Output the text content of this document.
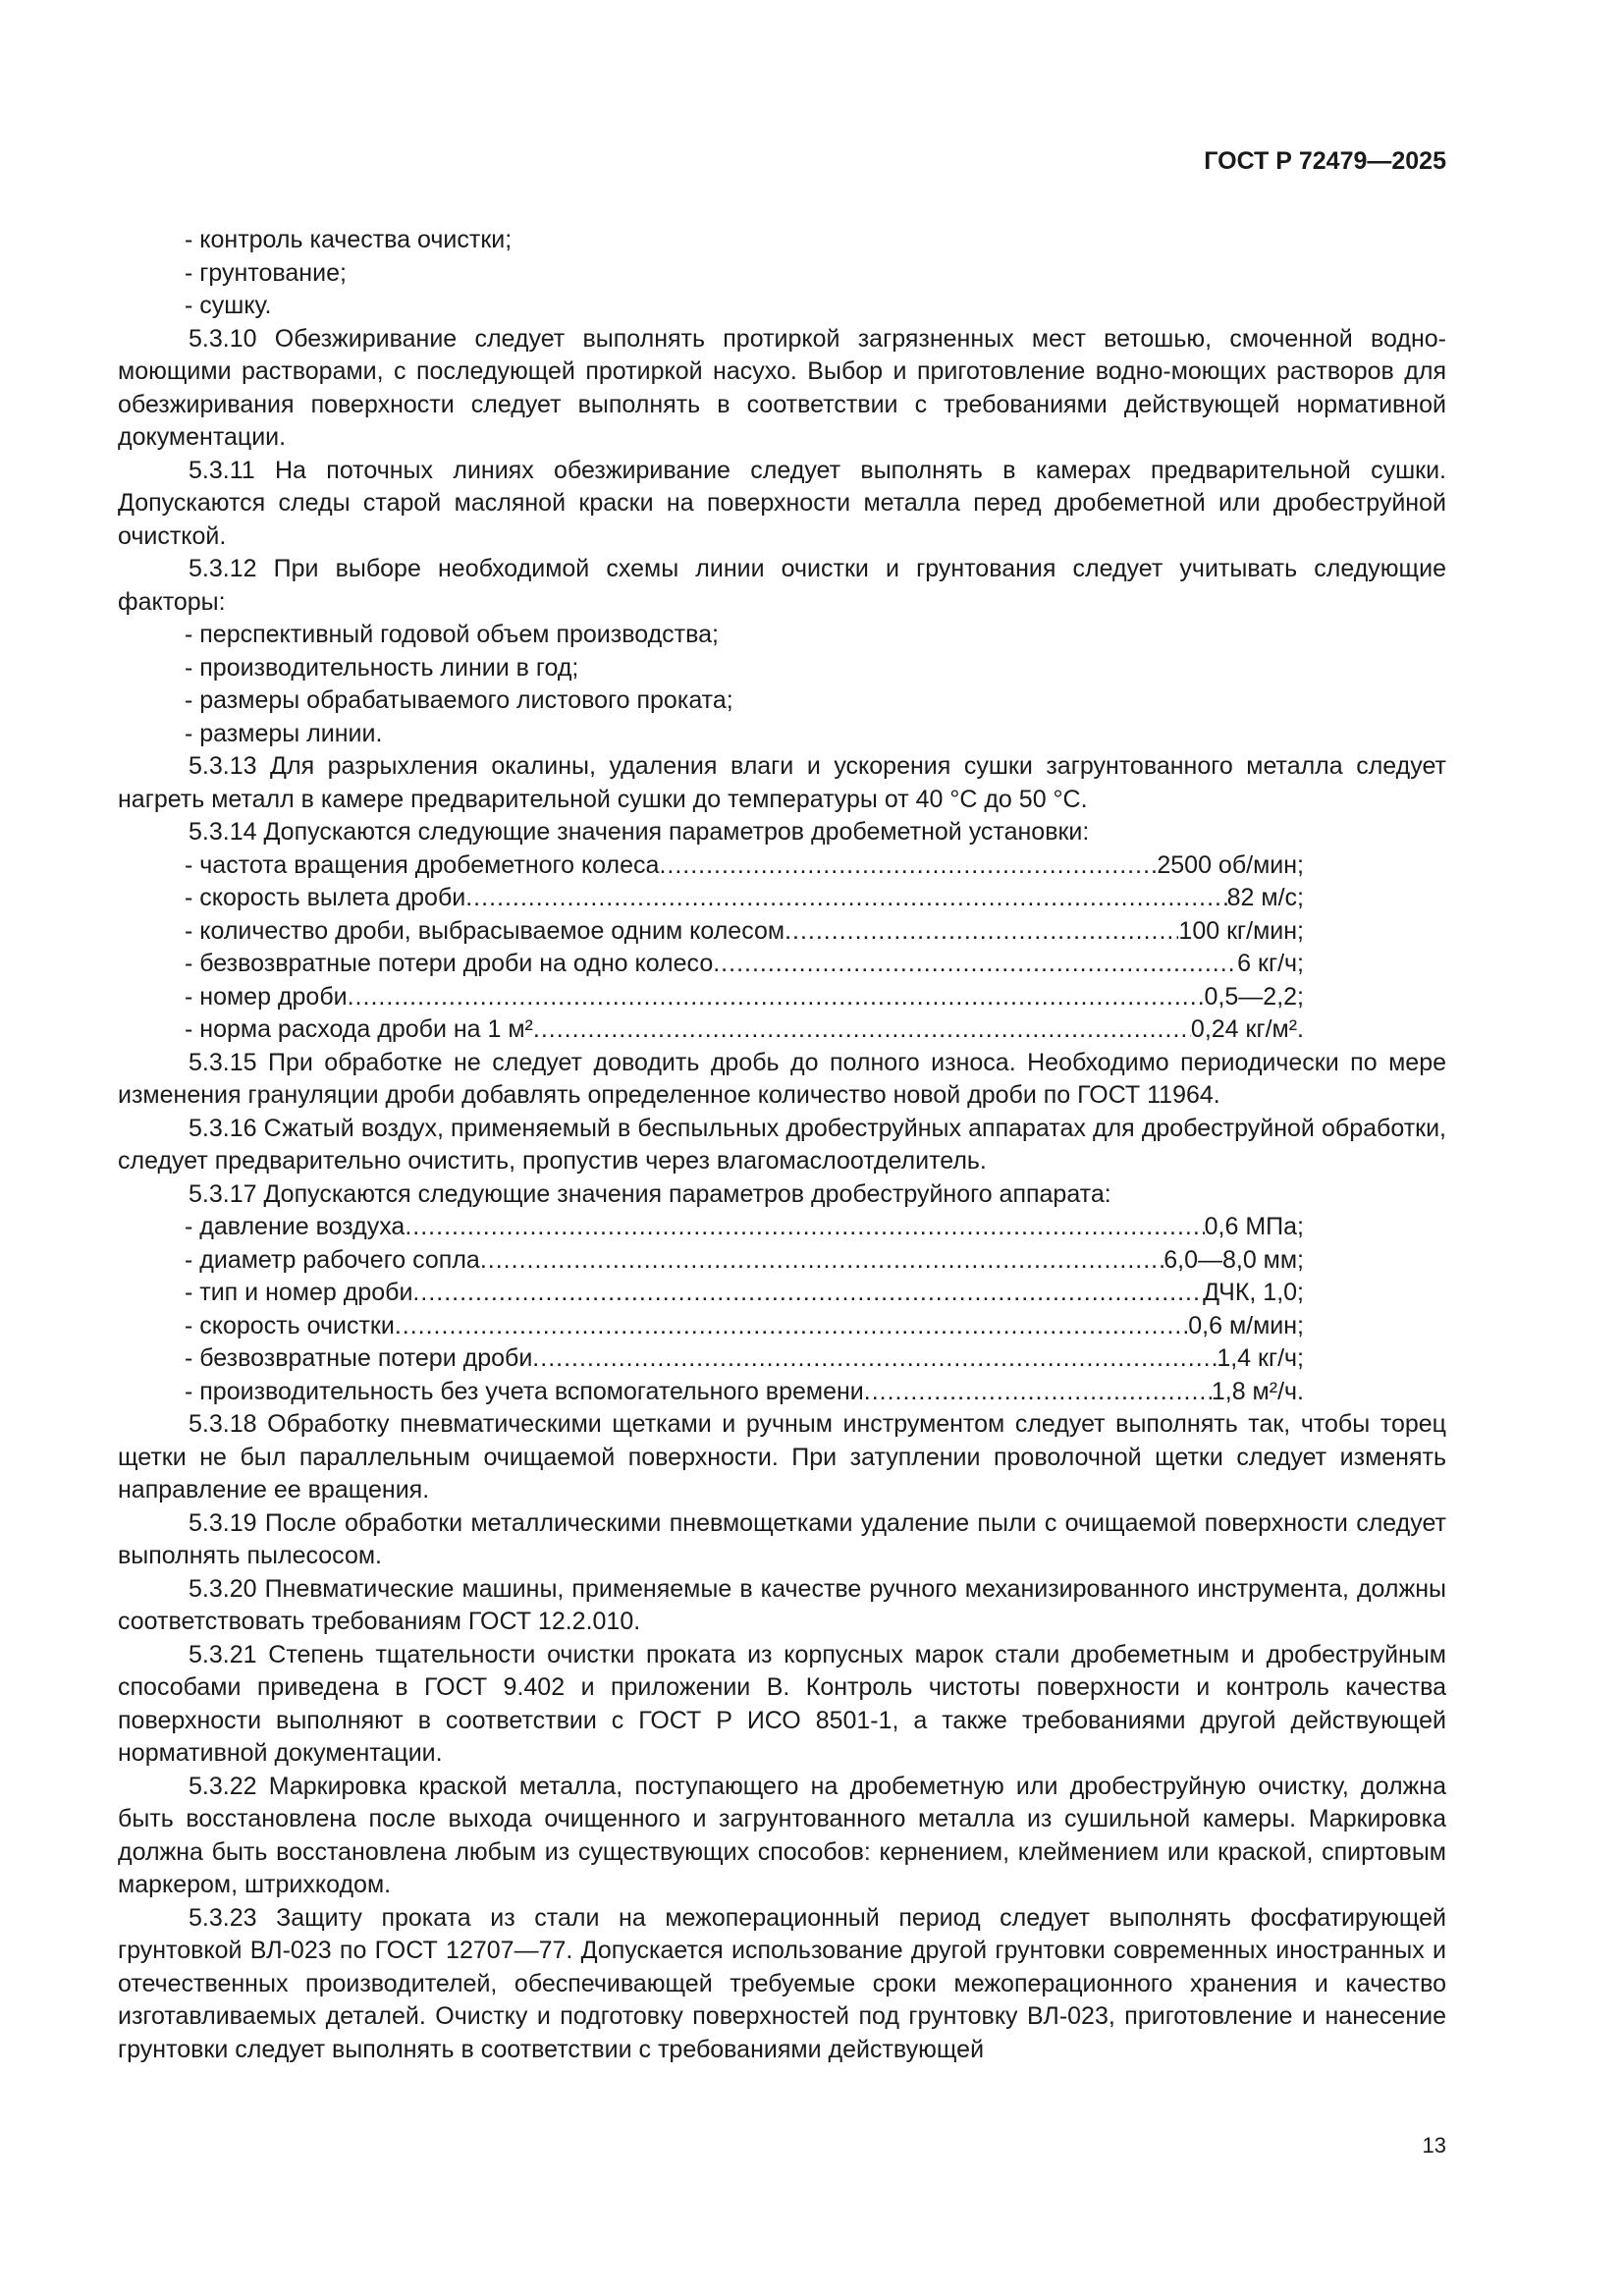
ГОСТ Р 72479—2025
- контроль качества очистки;
- грунтование;
- сушку.
5.3.10 Обезжиривание следует выполнять протиркой загрязненных мест ветошью, смоченной водно-моющими растворами, с последующей протиркой насухо. Выбор и приготовление водно-моющих растворов для обезжиривания поверхности следует выполнять в соответствии с требованиями действующей нормативной документации.
5.3.11 На поточных линиях обезжиривание следует выполнять в камерах предварительной сушки. Допускаются следы старой масляной краски на поверхности металла перед дробеметной или дробеструйной очисткой.
5.3.12 При выборе необходимой схемы линии очистки и грунтования следует учитывать следующие факторы:
- перспективный годовой объем производства;
- производительность линии в год;
- размеры обрабатываемого листового проката;
- размеры линии.
5.3.13 Для разрыхления окалины, удаления влаги и ускорения сушки загрунтованного металла следует нагреть металл в камере предварительной сушки до температуры от 40 °C до 50 °C.
5.3.14 Допускаются следующие значения параметров дробеметной установки:
- частота вращения дробеметного колеса .....	2500 об/мин;
- скорость вылета дроби .....	82 м/с;
- количество дроби, выбрасываемое одним колесом .....	100 кг/мин;
- безвозвратные потери дроби на одно колесо .....	6 кг/ч;
- номер дроби .....	0,5—2,2;
- норма расхода дроби на 1 м² .....	0,24 кг/м².
5.3.15 При обработке не следует доводить дробь до полного износа. Необходимо периодически по мере изменения грануляции дроби добавлять определенное количество новой дроби по ГОСТ 11964.
5.3.16 Сжатый воздух, применяемый в беспыльных дробеструйных аппаратах для дробеструйной обработки, следует предварительно очистить, пропустив через влагомаслоотделитель.
5.3.17 Допускаются следующие значения параметров дробеструйного аппарата:
- давление воздуха .....	0,6 МПа;
- диаметр рабочего сопла .....	6,0—8,0 мм;
- тип и номер дроби .....	ДЧК, 1,0;
- скорость очистки .....	0,6 м/мин;
- безвозвратные потери дроби .....	1,4 кг/ч;
- производительность без учета вспомогательного времени .....	1,8 м²/ч.
5.3.18 Обработку пневматическими щетками и ручным инструментом следует выполнять так, чтобы торец щетки не был параллельным очищаемой поверхности. При затуплении проволочной щетки следует изменять направление ее вращения.
5.3.19 После обработки металлическими пневмощетками удаление пыли с очищаемой поверхности следует выполнять пылесосом.
5.3.20 Пневматические машины, применяемые в качестве ручного механизированного инструмента, должны соответствовать требованиям ГОСТ 12.2.010.
5.3.21 Степень тщательности очистки проката из корпусных марок стали дробеметным и дробеструйным способами приведена в ГОСТ 9.402 и приложении В. Контроль чистоты поверхности и контроль качества поверхности выполняют в соответствии с ГОСТ Р ИСО 8501-1, а также требованиями другой действующей нормативной документации.
5.3.22 Маркировка краской металла, поступающего на дробеметную или дробеструйную очистку, должна быть восстановлена после выхода очищенного и загрунтованного металла из сушильной камеры. Маркировка должна быть восстановлена любым из существующих способов: кернением, клеймением или краской, спиртовым маркером, штрихкодом.
5.3.23 Защиту проката из стали на межоперационный период следует выполнять фосфатирующей грунтовкой ВЛ-023 по ГОСТ 12707—77. Допускается использование другой грунтовки современных иностранных и отечественных производителей, обеспечивающей требуемые сроки межоперационного хранения и качество изготавливаемых деталей. Очистку и подготовку поверхностей под грунтовку ВЛ-023, приготовление и нанесение грунтовки следует выполнять в соответствии с требованиями действующей
13
